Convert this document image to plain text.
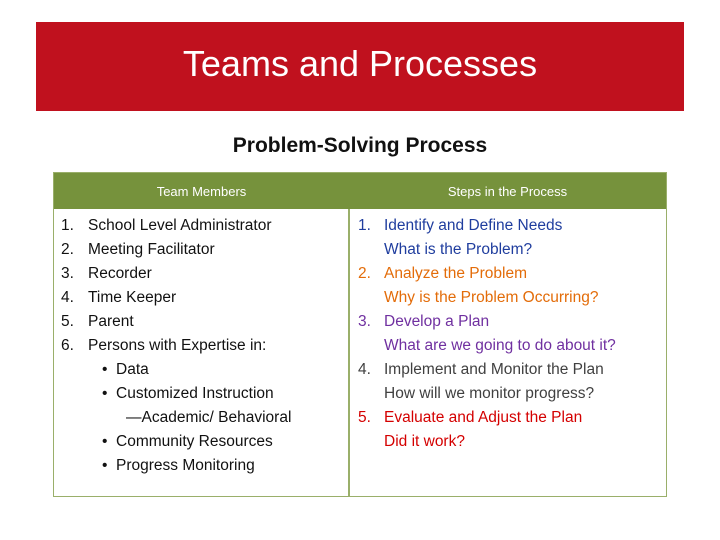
Teams and Processes
Problem-Solving Process
Team Members	Steps in the Process
1. School Level Administrator
2. Meeting Facilitator
3. Recorder
4. Time Keeper
5. Parent
6. Persons with Expertise in:
• Data
• Customized Instruction
—Academic/ Behavioral
• Community Resources
• Progress Monitoring
1. Identify and Define Needs
What is the Problem?
2. Analyze the Problem
Why is the Problem Occurring?
3. Develop a Plan
What are we going to do about it?
4. Implement and Monitor the Plan
How will we monitor progress?
5. Evaluate and Adjust the Plan
Did it work?
